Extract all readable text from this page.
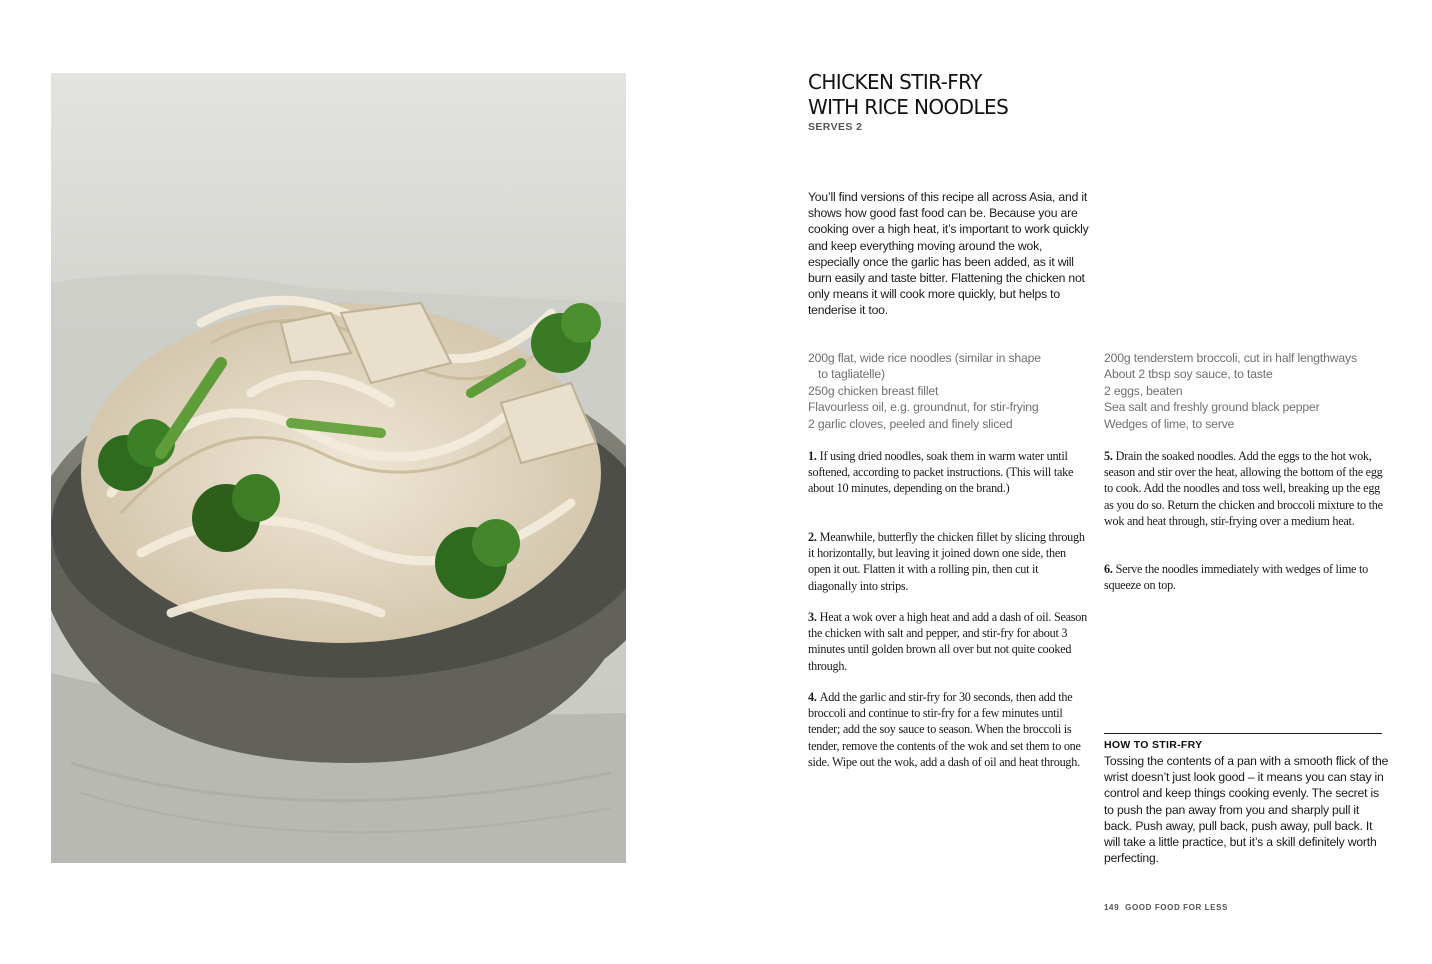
CHICKEN STIR-FRY
WITH RICE NOODLES
SERVES 2
You’ll find versions of this recipe all across Asia, and it shows how good fast food can be. Because you are cooking over a high heat, it’s important to work quickly and keep everything moving around the wok, especially once the garlic has been added, as it will burn easily and taste bitter. Flattening the chicken not only means it will cook more quickly, but helps to tenderise it too.
200g flat, wide rice noodles (similar in shape
to tagliatelle)
250g chicken breast fillet
Flavourless oil, e.g. groundnut, for stir-frying
2 garlic cloves, peeled and finely sliced
200g tenderstem broccoli, cut in half lengthways
About 2 tbsp soy sauce, to taste
2 eggs, beaten
Sea salt and freshly ground black pepper
Wedges of lime, to serve
1. If using dried noodles, soak them in warm water until softened, according to packet instructions. (This will take about 10 minutes, depending on the brand.)
2. Meanwhile, butterfly the chicken fillet by slicing through it horizontally, but leaving it joined down one side, then open it out. Flatten it with a rolling pin, then cut it diagonally into strips.
3. Heat a wok over a high heat and add a dash of oil. Season the chicken with salt and pepper, and stir-fry for about 3 minutes until golden brown all over but not quite cooked through.
4. Add the garlic and stir-fry for 30 seconds, then add the broccoli and continue to stir-fry for a few minutes until tender; add the soy sauce to season. When the broccoli is tender, remove the contents of the wok and set them to one side. Wipe out the wok, add a dash of oil and heat through.
5. Drain the soaked noodles. Add the eggs to the hot wok, season and stir over the heat, allowing the bottom of the egg to cook. Add the noodles and toss well, breaking up the egg as you do so. Return the chicken and broccoli mixture to the wok and heat through, stir-frying over a medium heat.
6. Serve the noodles immediately with wedges of lime to squeeze on top.
HOW TO STIR-FRY
Tossing the contents of a pan with a smooth flick of the wrist doesn’t just look good – it means you can stay in control and keep things cooking evenly. The secret is to push the pan away from you and sharply pull it back. Push away, pull back, push away, pull back. It will take a little practice, but it’s a skill definitely worth perfecting.
149 GOOD FOOD FOR LESS
